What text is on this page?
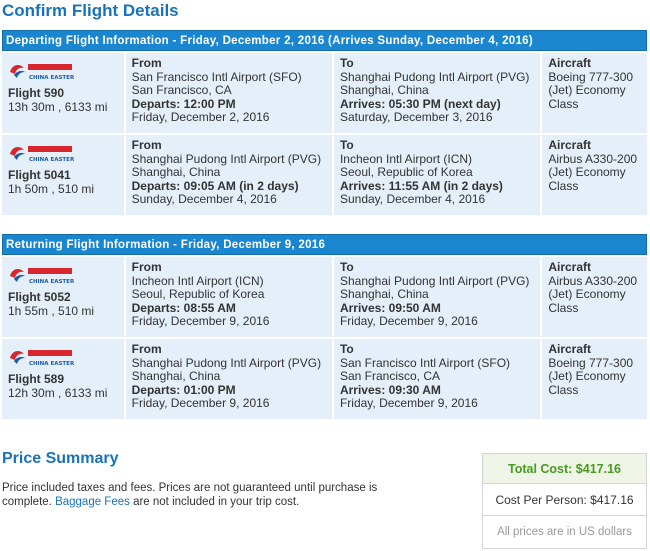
Confirm Flight Details
Departing Flight Information - Friday, December 2, 2016 (Arrives Sunday, December 4, 2016)
CHINA EASTERN
Flight 590
13h 30m , 6133 mi
From
San Francisco Intl Airport (SFO)
San Francisco, CA
Departs: 12:00 PM
Friday, December 2, 2016
To
Shanghai Pudong Intl Airport (PVG)
Shanghai, China
Arrives: 05:30 PM (next day)
Saturday, December 3, 2016
Aircraft
Boeing 777-300
(Jet) Economy
Class
CHINA EASTERN
Flight 5041
1h 50m , 510 mi
From
Shanghai Pudong Intl Airport (PVG)
Shanghai, China
Departs: 09:05 AM (in 2 days)
Sunday, December 4, 2016
To
Incheon Intl Airport (ICN)
Seoul, Republic of Korea
Arrives: 11:55 AM (in 2 days)
Sunday, December 4, 2016
Aircraft
Airbus A330-200
(Jet) Economy
Class
Returning Flight Information - Friday, December 9, 2016
CHINA EASTERN
Flight 5052
1h 55m , 510 mi
From
Incheon Intl Airport (ICN)
Seoul, Republic of Korea
Departs: 08:55 AM
Friday, December 9, 2016
To
Shanghai Pudong Intl Airport (PVG)
Shanghai, China
Arrives: 09:50 AM
Friday, December 9, 2016
Aircraft
Airbus A330-200
(Jet) Economy
Class
CHINA EASTERN
Flight 589
12h 30m , 6133 mi
From
Shanghai Pudong Intl Airport (PVG)
Shanghai, China
Departs: 01:00 PM
Friday, December 9, 2016
To
San Francisco Intl Airport (SFO)
San Francisco, CA
Arrives: 09:30 AM
Friday, December 9, 2016
Aircraft
Boeing 777-300
(Jet) Economy
Class
Price Summary
Price included taxes and fees. Prices are not guaranteed until purchase is complete. Baggage Fees are not included in your trip cost.
Total Cost: $417.16
Cost Per Person: $417.16
All prices are in US dollars
